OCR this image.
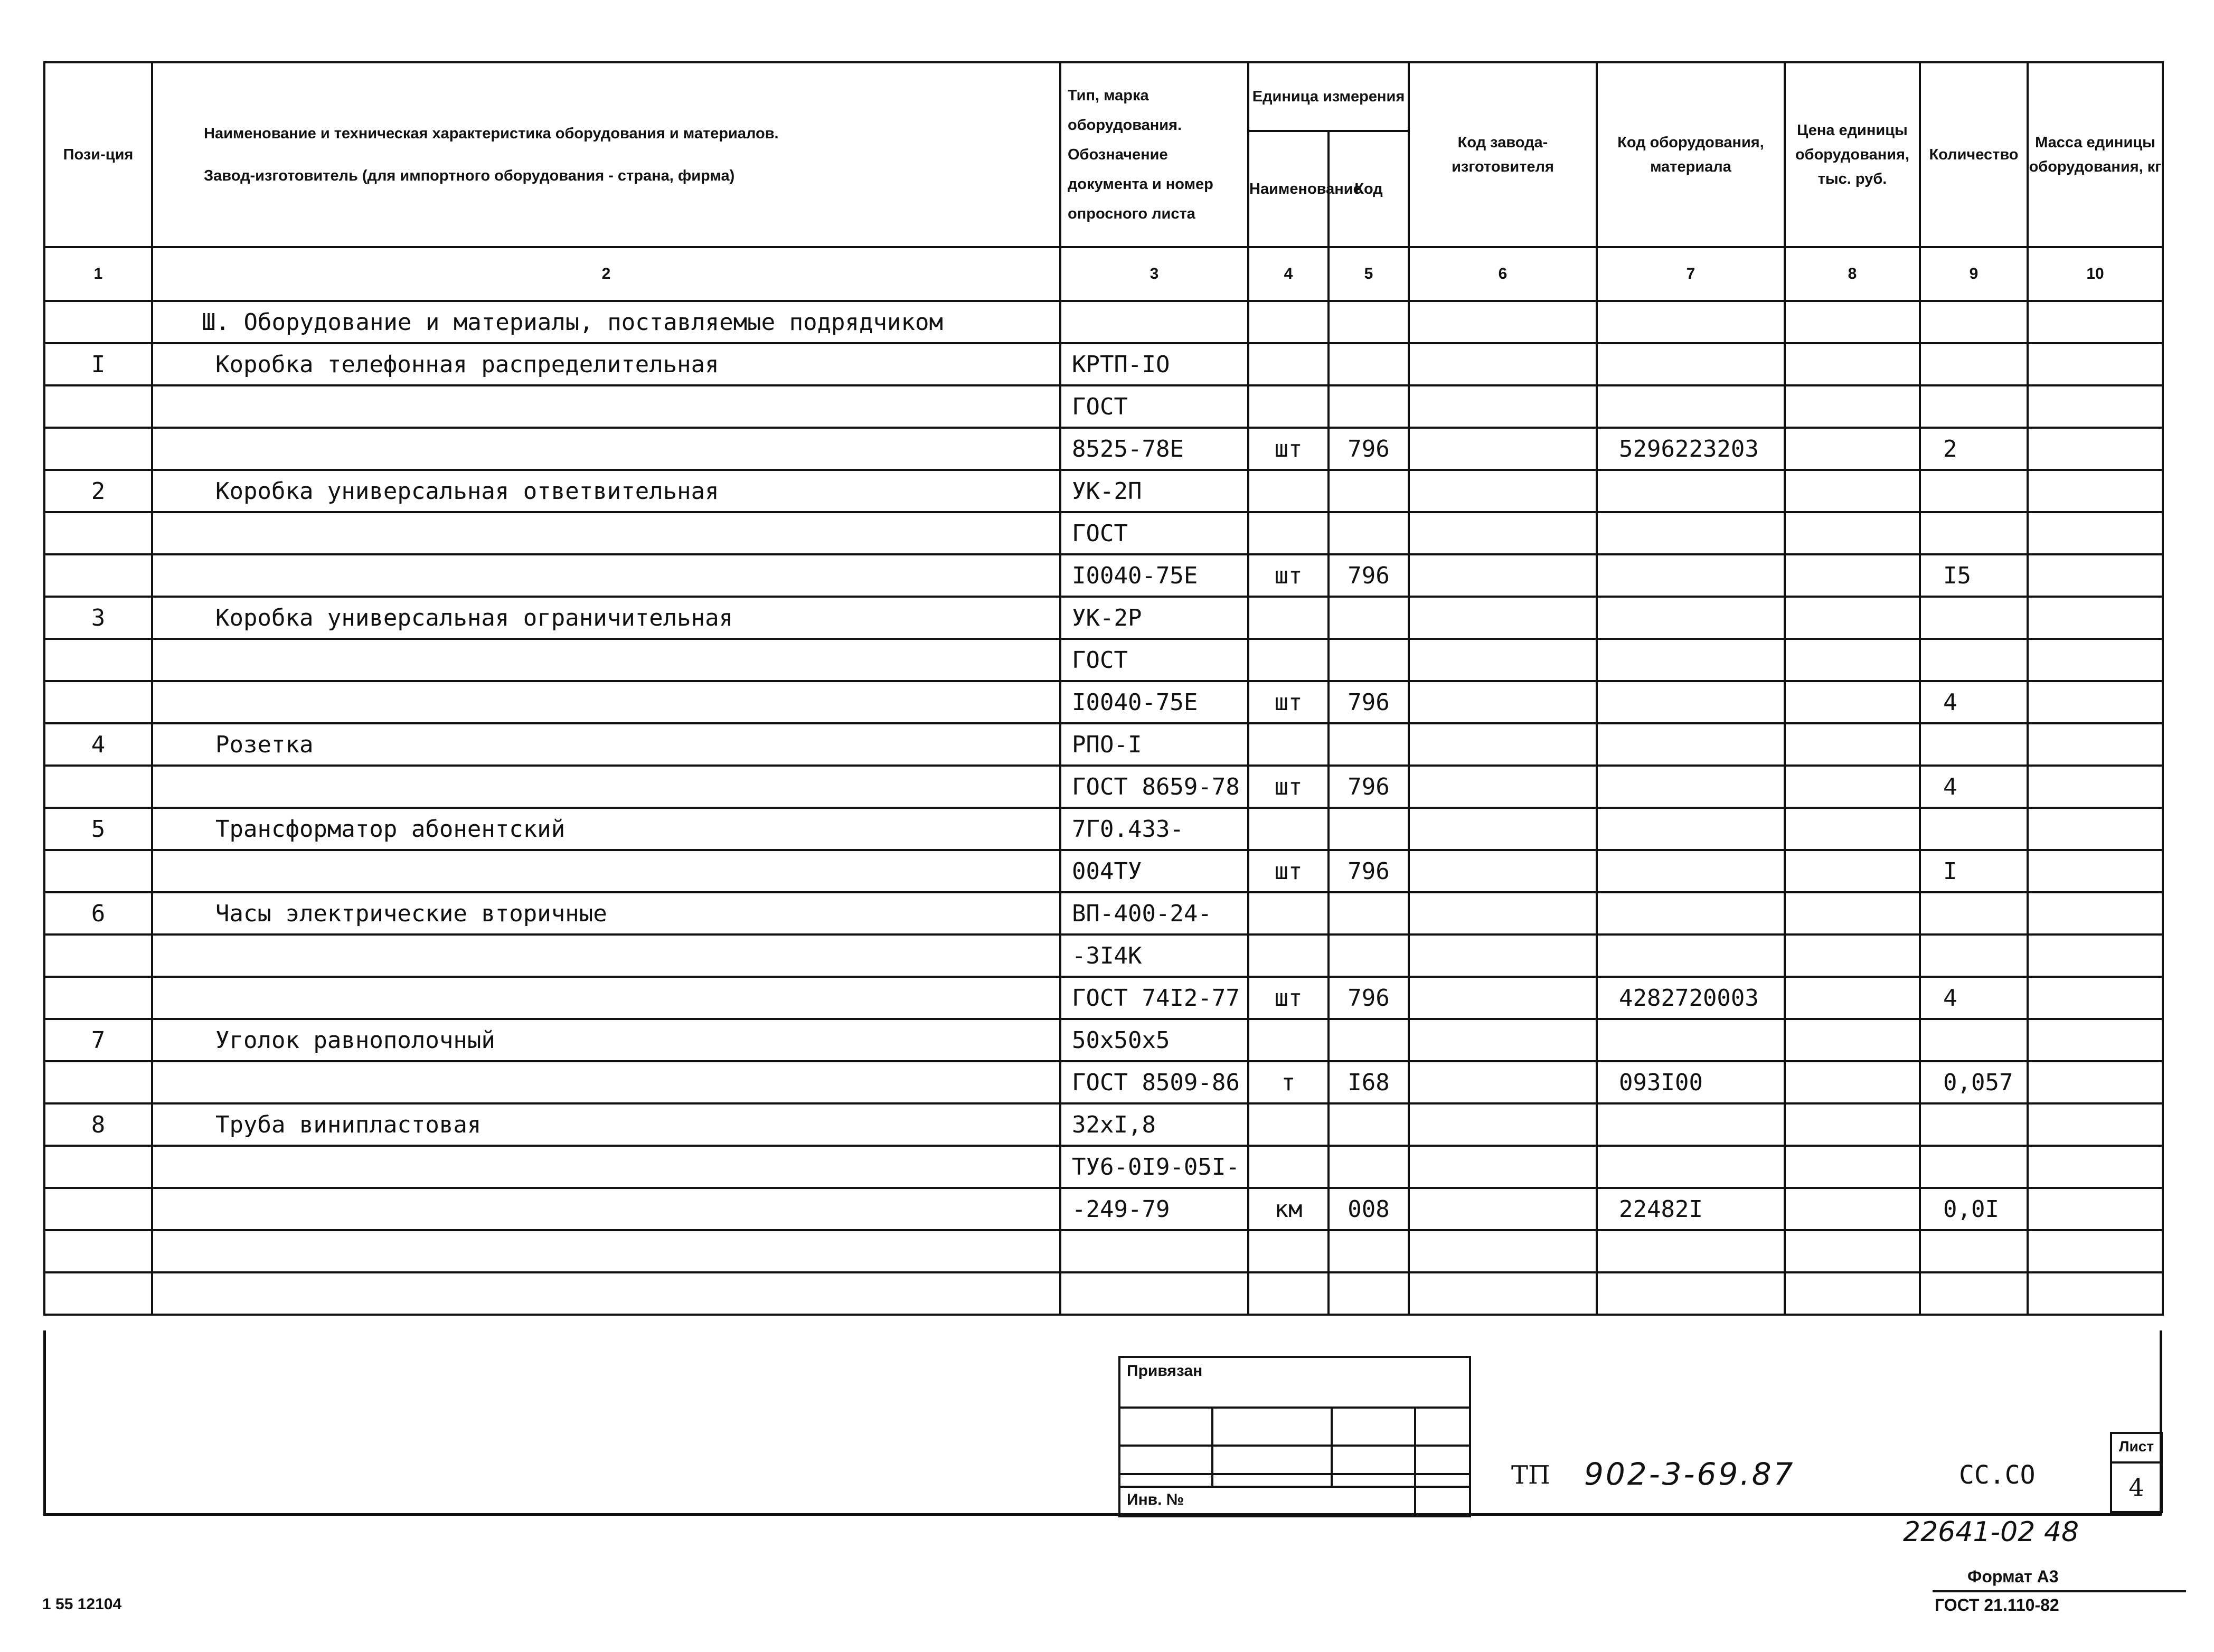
Пози-ция	Наименование и техническая характеристика оборудования и материалов.
Завод-изготовитель (для импортного оборудования - страна, фирма)	Тип, марка оборудования. Обозначение документа и номер опросного листа	Единица измерения		Код завода-изготовителя	Код оборудования, материала	Цена единицы оборудования, тыс. руб.	Количество	Масса единицы оборудования, кг
			Наименование	Код					
1	2	3	4	5	6	7	8	9	10
	Ш. Оборудование и материалы, поставляемые подрядчиком								
I	Коробка телефонная распределительная	КРТП-IО							
		ГОСТ							
		8525-78Е	шт	796		5296223203		2	
2	Коробка универсальная ответвительная	УК-2П							
		ГОСТ							
		I0040-75Е	шт	796				I5	
3	Коробка универсальная ограничительная	УК-2Р							
		ГОСТ							
		I0040-75Е	шт	796				4	
4	Розетка	РПО-I							
		ГОСТ 8659-78	шт	796				4	
5	Трансформатор абонентский	7Г0.433-							
		004ТУ	шт	796				I	
6	Часы электрические вторичные	ВП-400-24-							
		-3I4К							
		ГОСТ 74I2-77	шт	796		4282720003		4	
7	Уголок равнополочный	50х50х5							
		ГОСТ 8509-86	т	I68		093I00		0,057	
8	Труба винипластовая	32хI,8							
		ТУ6-0I9-05I-							
		-249-79	км	008		22482I		0,0I	

Привязан
Инв. №
ТП 902-3-69.87	СС.СО
Лист
4
22641-02 48
Формат А3
ГОСТ 21.110-82
1 55 12104
